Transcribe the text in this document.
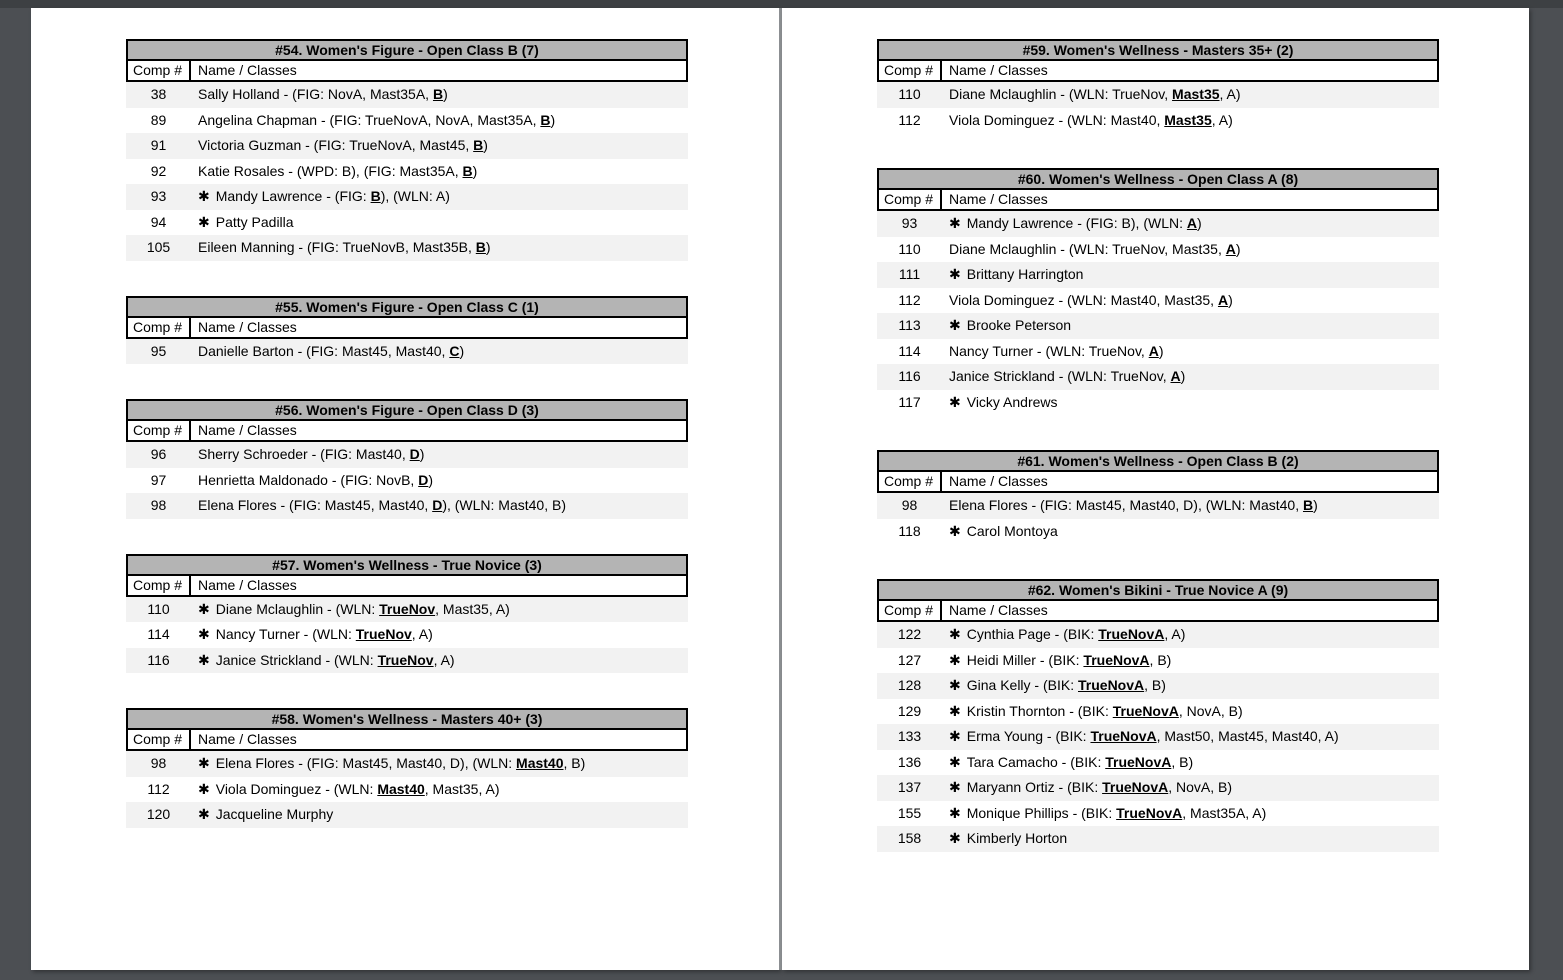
#54. Women's Figure - Open Class B (7)
Comp #	Name / Classes
38	Sally Holland - (FIG: NovA, Mast35A, B)
89	Angelina Chapman - (FIG: TrueNovA, NovA, Mast35A, B)
91	Victoria Guzman - (FIG: TrueNovA, Mast45, B)
92	Katie Rosales - (WPD: B), (FIG: Mast35A, B)
93	✱ Mandy Lawrence - (FIG: B), (WLN: A)
94	✱ Patty Padilla
105	Eileen Manning - (FIG: TrueNovB, Mast35B, B)
#55. Women's Figure - Open Class C (1)
Comp #	Name / Classes
95	Danielle Barton - (FIG: Mast45, Mast40, C)
#56. Women's Figure - Open Class D (3)
Comp #	Name / Classes
96	Sherry Schroeder - (FIG: Mast40, D)
97	Henrietta Maldonado - (FIG: NovB, D)
98	Elena Flores - (FIG: Mast45, Mast40, D), (WLN: Mast40, B)
#57. Women's Wellness - True Novice (3)
Comp #	Name / Classes
110	✱ Diane Mclaughlin - (WLN: TrueNov, Mast35, A)
114	✱ Nancy Turner - (WLN: TrueNov, A)
116	✱ Janice Strickland - (WLN: TrueNov, A)
#58. Women's Wellness - Masters 40+ (3)
Comp #	Name / Classes
98	✱ Elena Flores - (FIG: Mast45, Mast40, D), (WLN: Mast40, B)
112	✱ Viola Dominguez - (WLN: Mast40, Mast35, A)
120	✱ Jacqueline Murphy
#59. Women's Wellness - Masters 35+ (2)
Comp #	Name / Classes
110	Diane Mclaughlin - (WLN: TrueNov, Mast35, A)
112	Viola Dominguez - (WLN: Mast40, Mast35, A)
#60. Women's Wellness - Open Class A (8)
Comp #	Name / Classes
93	✱ Mandy Lawrence - (FIG: B), (WLN: A)
110	Diane Mclaughlin - (WLN: TrueNov, Mast35, A)
111	✱ Brittany Harrington
112	Viola Dominguez - (WLN: Mast40, Mast35, A)
113	✱ Brooke Peterson
114	Nancy Turner - (WLN: TrueNov, A)
116	Janice Strickland - (WLN: TrueNov, A)
117	✱ Vicky Andrews
#61. Women's Wellness - Open Class B (2)
Comp #	Name / Classes
98	Elena Flores - (FIG: Mast45, Mast40, D), (WLN: Mast40, B)
118	✱ Carol Montoya
#62. Women's Bikini - True Novice A (9)
Comp #	Name / Classes
122	✱ Cynthia Page - (BIK: TrueNovA, A)
127	✱ Heidi Miller - (BIK: TrueNovA, B)
128	✱ Gina Kelly - (BIK: TrueNovA, B)
129	✱ Kristin Thornton - (BIK: TrueNovA, NovA, B)
133	✱ Erma Young - (BIK: TrueNovA, Mast50, Mast45, Mast40, A)
136	✱ Tara Camacho - (BIK: TrueNovA, B)
137	✱ Maryann Ortiz - (BIK: TrueNovA, NovA, B)
155	✱ Monique Phillips - (BIK: TrueNovA, Mast35A, A)
158	✱ Kimberly Horton
